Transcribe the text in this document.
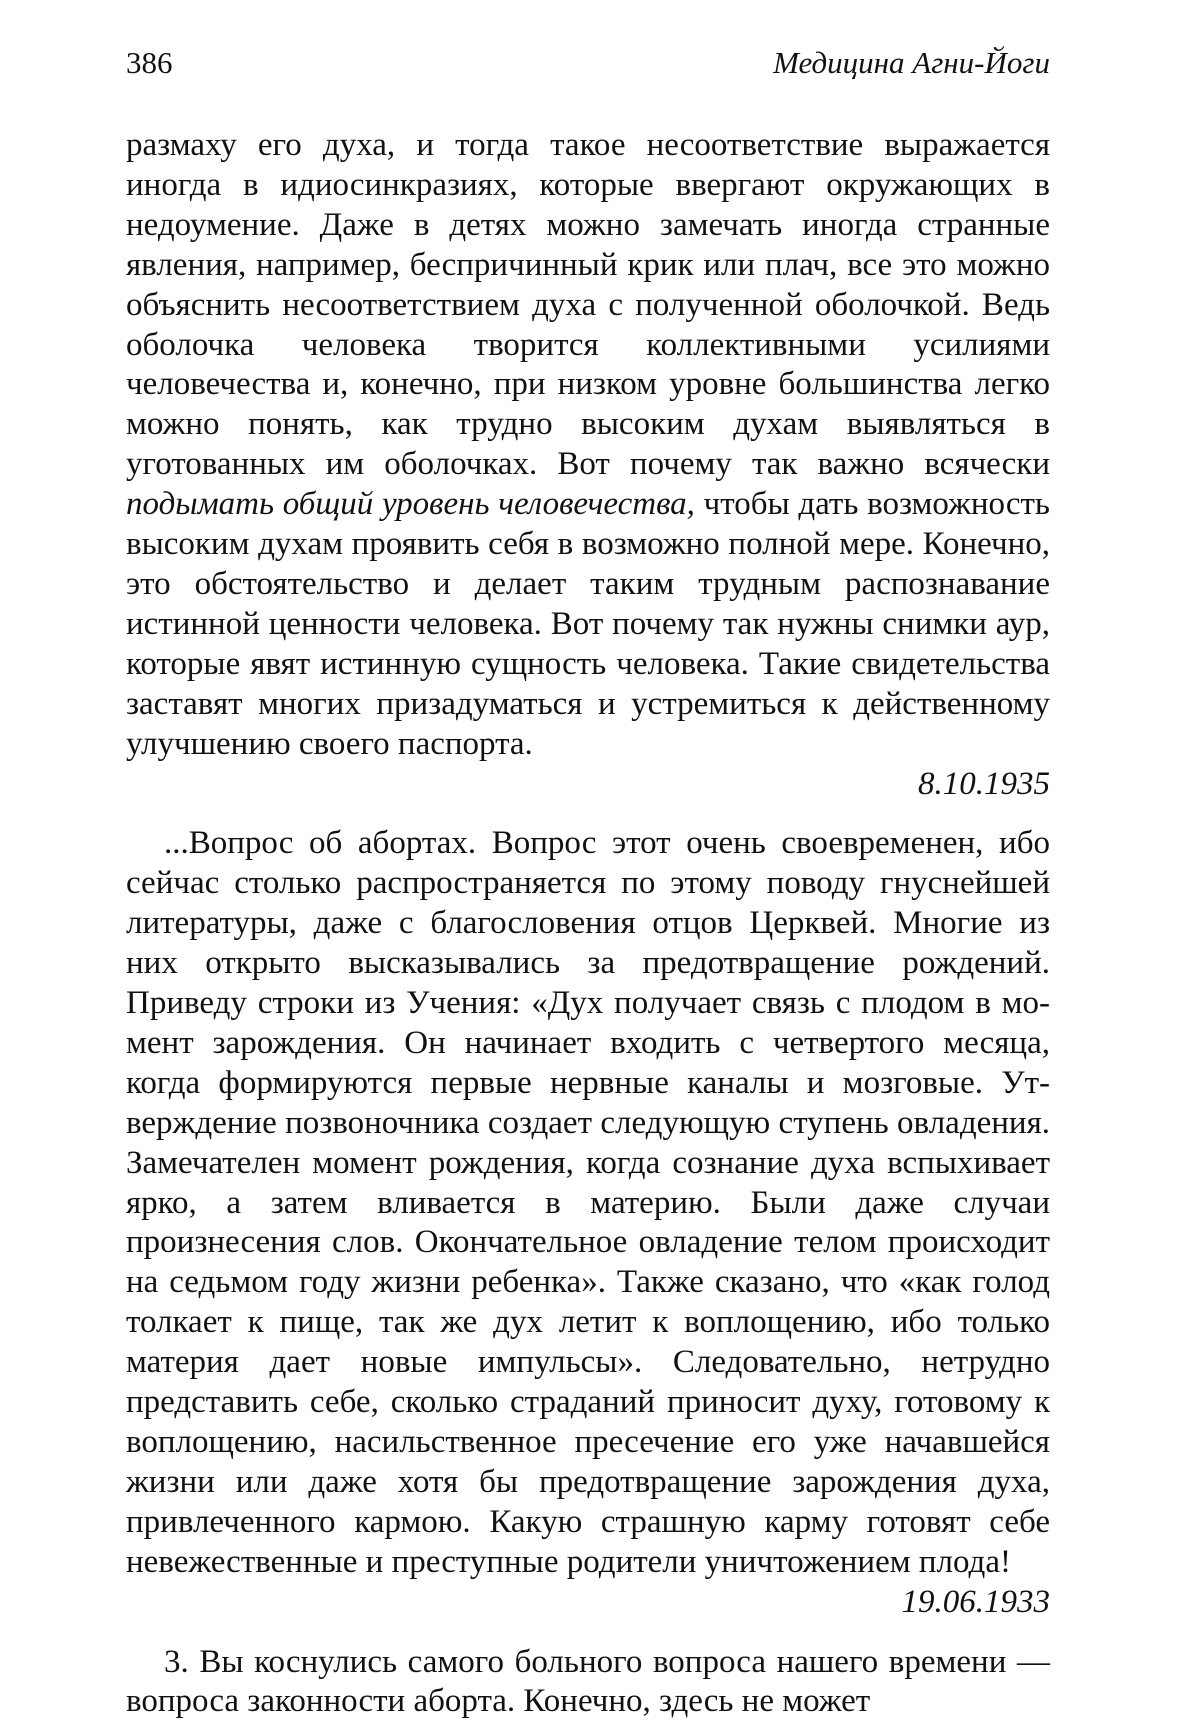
386	Медицина Агни-Йоги

размаху его духа, и тогда такое несоответствие выражается иногда в идиосинкразиях, которые ввергают окружающих в недоумение. Даже в детях можно замечать иногда странные явления, например, беспричинный крик или плач, все это можно объяснить несоответствием духа с полученной оболочкой. Ведь оболочка человека творится коллективными усилиями человечества и, конечно, при низком уровне большинства легко можно понять, как трудно высоким духам выявляться в уготованных им оболочках. Вот почему так важно всячески подымать общий уровень человечества, чтобы дать возможность высоким духам проявить себя в возможно полной мере. Конечно, это обстоятельство и делает таким трудным распознавание истинной ценности человека. Вот почему так нужны снимки аур, которые явят истинную сущность человека. Такие свидетельства заставят многих призадуматься и устремиться к действенному улучшению своего паспорта.

8.10.1935

...Вопрос об абортах. Вопрос этот очень своевременен, ибо сейчас столько распространяется по этому поводу гнуснейшей литературы, даже с благословения отцов Церквей. Многие из них открыто высказывались за предотвращение рождений. Приведу строки из Учения: «Дух получает связь с плодом в момент зарождения. Он начинает входить с четвертого месяца, когда формируются первые нервные каналы и мозговые. Утверждение позвоночника создает следующую ступень овладения. Замечателен момент рождения, когда сознание духа вспыхивает ярко, а затем вливается в материю. Были даже случаи произнесения слов. Окончательное овладение телом происходит на седьмом году жизни ребенка». Также сказано, что «как голод толкает к пище, так же дух летит к воплощению, ибо только материя дает новые импульсы». Следовательно, нетрудно представить себе, сколько страданий приносит духу, готовому к воплощению, насильственное пресечение его уже начавшейся жизни или даже хотя бы предотвращение зарождения духа, привлеченного кармою. Какую страшную карму готовят себе невежественные и преступные родители уничтожением плода!

19.06.1933

3. Вы коснулись самого больного вопроса нашего времени — вопроса законности аборта. Конечно, здесь не может
